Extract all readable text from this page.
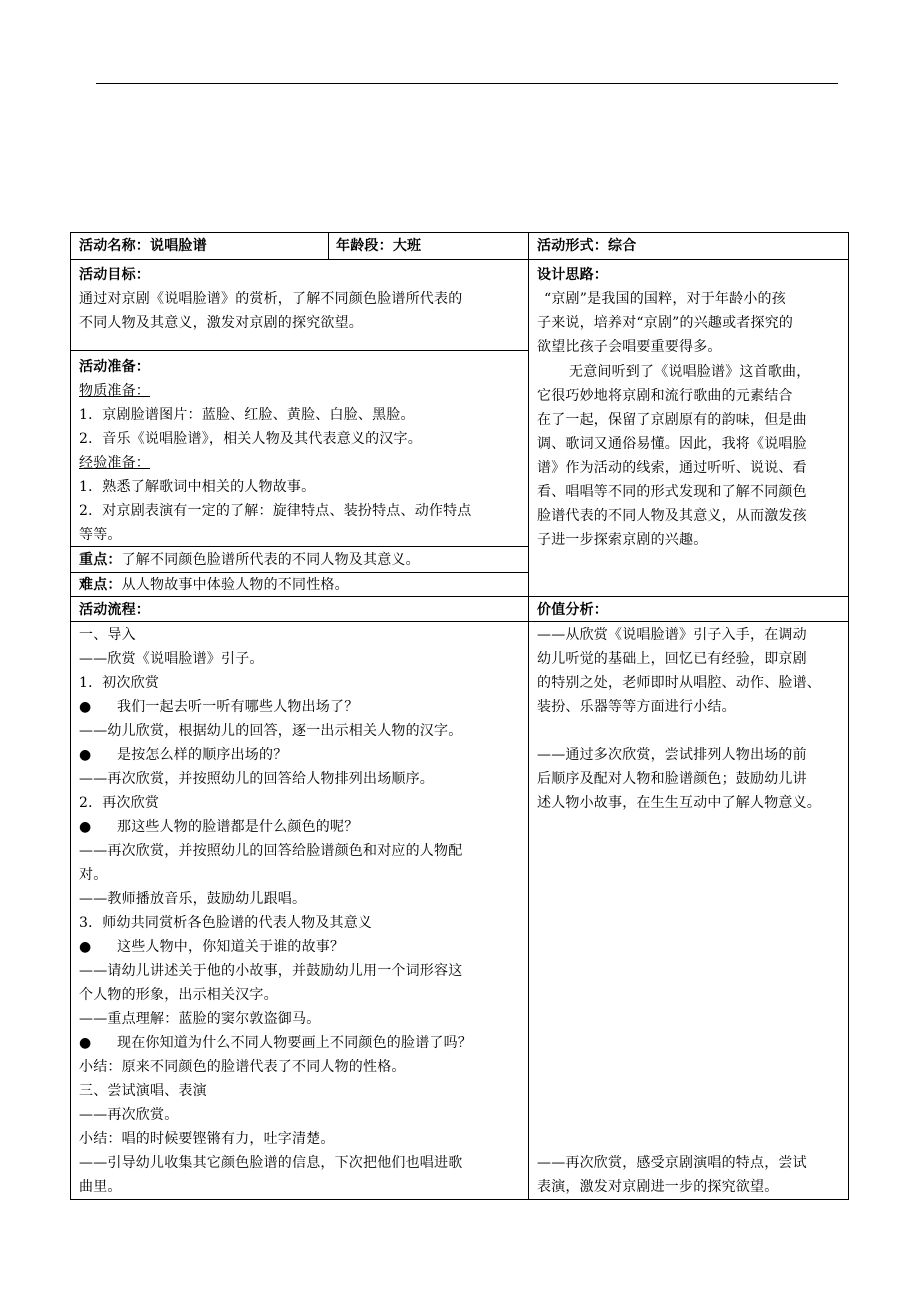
活动名称：说唱脸谱	年龄段：大班	活动形式：综合
活动目标：
通过对京剧《说唱脸谱》的赏析，了解不同颜色脸谱所代表的
不同人物及其意义，激发对京剧的探究欲望。
设计思路：
“京剧”是我国的国粹，对于年龄小的孩
子来说，培养对“京剧”的兴趣或者探究的
欲望比孩子会唱要重要得多。
无意间听到了《说唱脸谱》这首歌曲，
它很巧妙地将京剧和流行歌曲的元素结合
在了一起，保留了京剧原有的韵味，但是曲
调、歌词又通俗易懂。因此，我将《说唱脸
谱》作为活动的线索，通过听听、说说、看
看、唱唱等不同的形式发现和了解不同颜色
脸谱代表的不同人物及其意义，从而激发孩
子进一步探索京剧的兴趣。
活动准备：
物质准备：
1．京剧脸谱图片：蓝脸、红脸、黄脸、白脸、黑脸。
2．音乐《说唱脸谱》，相关人物及其代表意义的汉字。
经验准备：
1．熟悉了解歌词中相关的人物故事。
2．对京剧表演有一定的了解：旋律特点、装扮特点、动作特点
等等。
重点：了解不同颜色脸谱所代表的不同人物及其意义。
难点：从人物故事中体验人物的不同性格。
活动流程：
一、导入
——欣赏《说唱脸谱》引子。
1．初次欣赏
● 我们一起去听一听有哪些人物出场了？
——幼儿欣赏，根据幼儿的回答，逐一出示相关人物的汉字。
● 是按怎么样的顺序出场的？
——再次欣赏，并按照幼儿的回答给人物排列出场顺序。
2．再次欣赏
● 那这些人物的脸谱都是什么颜色的呢？
——再次欣赏，并按照幼儿的回答给脸谱颜色和对应的人物配
对。
——教师播放音乐，鼓励幼儿跟唱。
3．师幼共同赏析各色脸谱的代表人物及其意义
● 这些人物中，你知道关于谁的故事？
——请幼儿讲述关于他的小故事，并鼓励幼儿用一个词形容这
个人物的形象，出示相关汉字。
——重点理解：蓝脸的窦尔敦盗御马。
● 现在你知道为什么不同人物要画上不同颜色的脸谱了吗？
小结：原来不同颜色的脸谱代表了不同人物的性格。
三、尝试演唱、表演
——再次欣赏。
小结：唱的时候要铿锵有力，吐字清楚。
——引导幼儿收集其它颜色脸谱的信息，下次把他们也唱进歌
曲里。
价值分析：
——从欣赏《说唱脸谱》引子入手，在调动
幼儿听觉的基础上，回忆已有经验，即京剧
的特别之处，老师即时从唱腔、动作、脸谱、
装扮、乐器等等方面进行小结。
——通过多次欣赏，尝试排列人物出场的前
后顺序及配对人物和脸谱颜色；鼓励幼儿讲
述人物小故事，在生生互动中了解人物意义。
——再次欣赏，感受京剧演唱的特点，尝试
表演，激发对京剧进一步的探究欲望。
